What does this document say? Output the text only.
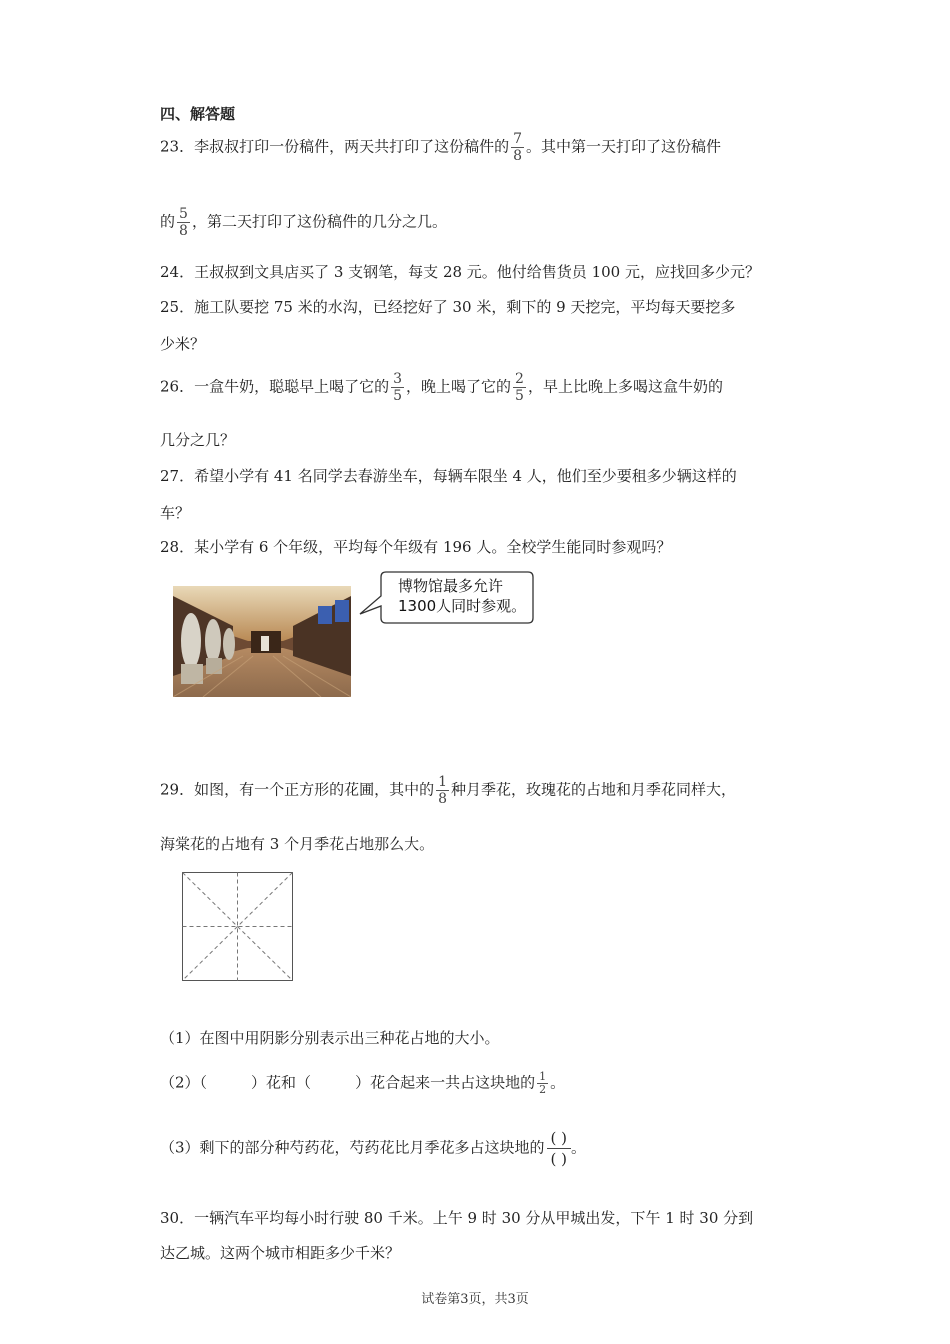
四、解答题
23．李叔叔打印一份稿件，两天共打印了这份稿件的 $\frac{7}{8}$ 。其中第一天打印了这份稿件
的 $\frac{5}{8}$ ，第二天打印了这份稿件的几分之几。
24．王叔叔到文具店买了 3 支钢笔，每支 28 元。他付给售货员 100 元，应找回多少元？
25．施工队要挖 75 米的水沟，已经挖好了 30 米，剩下的 9 天挖完，平均每天要挖多
少米？
26．一盒牛奶，聪聪早上喝了它的 $\frac{3}{5}$ ，晚上喝了它的 $\frac{2}{5}$ ，早上比晚上多喝这盒牛奶的
几分之几？
27．希望小学有 41 名同学去春游坐车，每辆车限坐 4 人，他们至少要租多少辆这样的
车？
28．某小学有 6 个年级，平均每个年级有 196 人。全校学生能同时参观吗？
博物馆最多允许
1300人同时参观。
29．如图，有一个正方形的花圃，其中的 $\frac{1}{8}$ 种月季花，玫瑰花的占地和月季花同样大，
海棠花的占地有 3 个月季花占地那么大。
（1）在图中用阴影分别表示出三种花占地的大小。
（2）（	）花和（	）花合起来一共占这块地的 $\frac{1}{2}$ 。
（3）剩下的部分种芍药花，芍药花比月季花多占这块地的
( )
( )
。
30．一辆汽车平均每小时行驶 80 千米。上午 9 时 30 分从甲城出发，下午 1 时 30 分到
达乙城。这两个城市相距多少千米？
试卷第3页，共3页
